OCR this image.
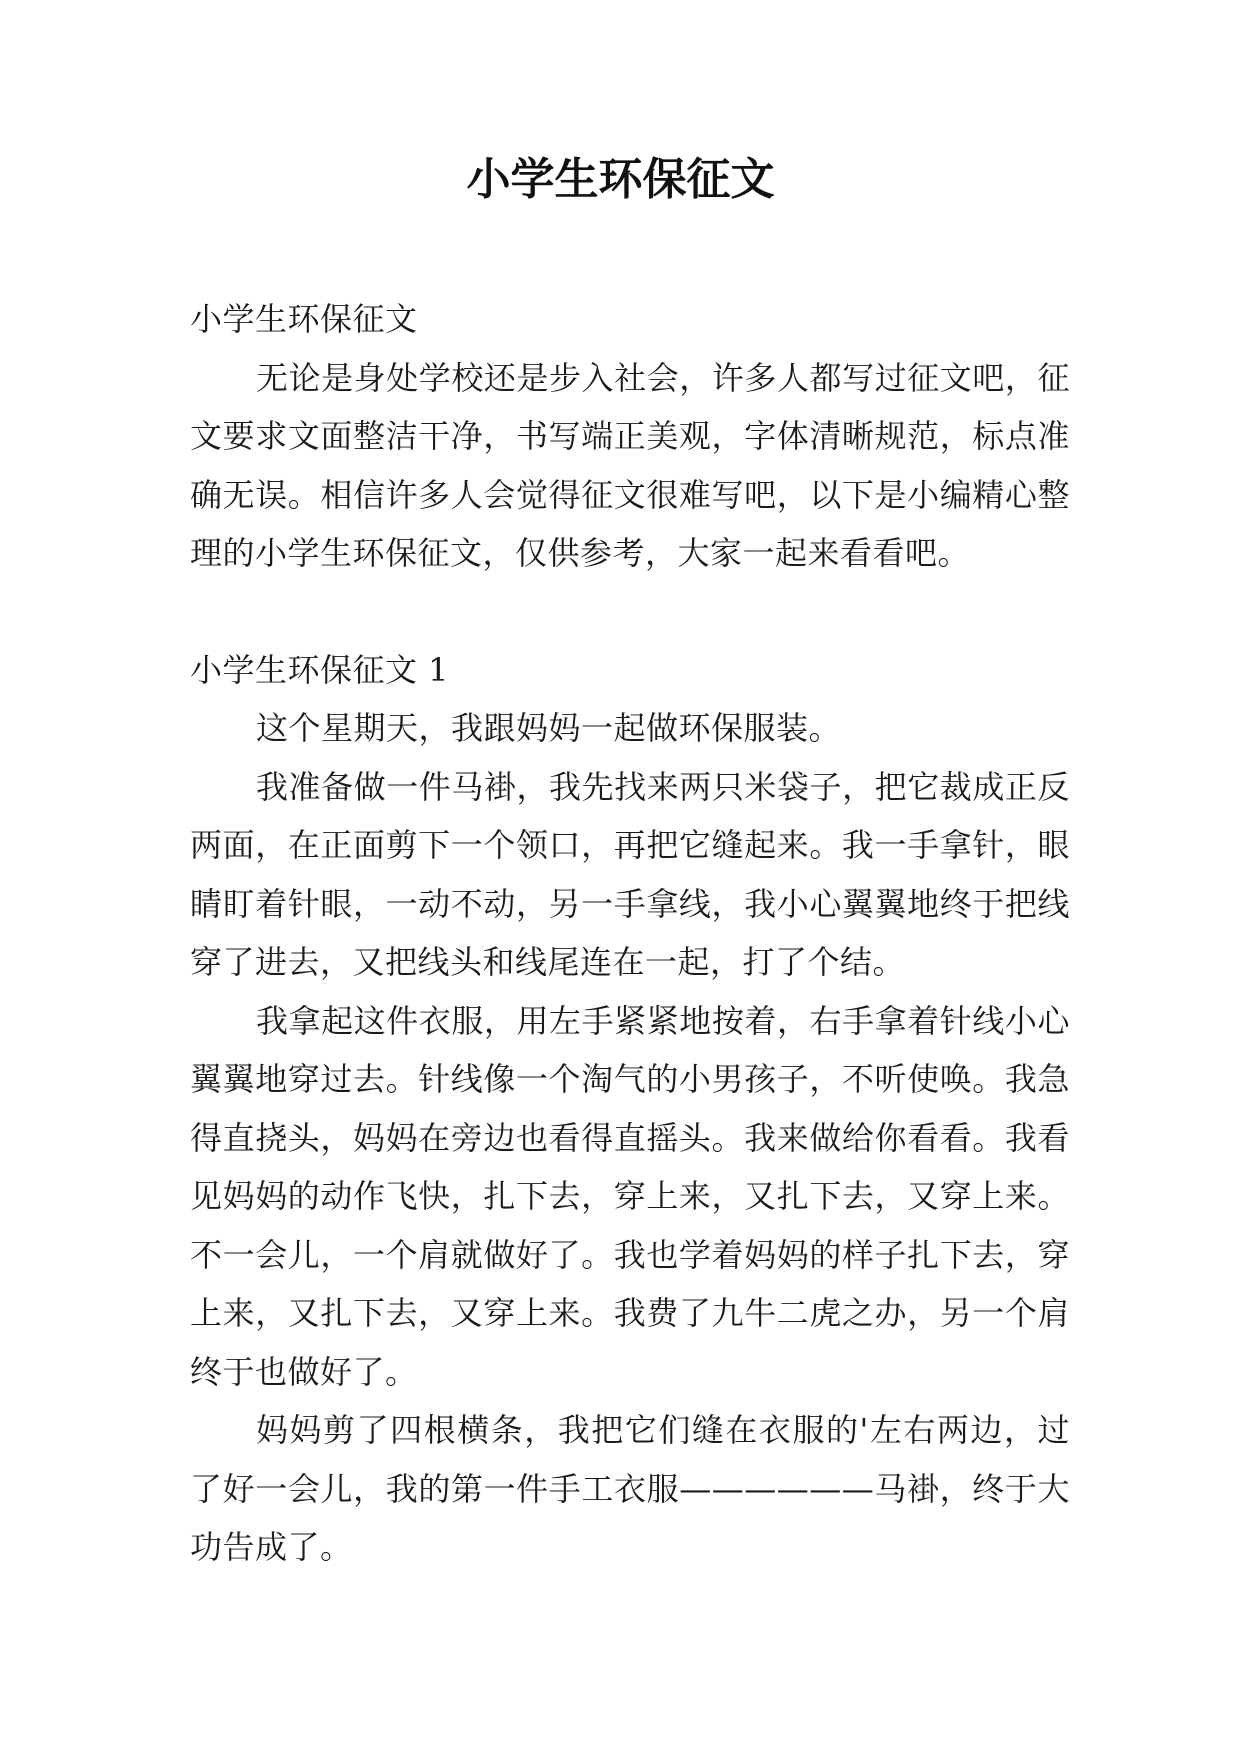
小学生环保征文

小学生环保征文

无论是身处学校还是步入社会，许多人都写过征文吧，征文要求文面整洁干净，书写端正美观，字体清晰规范，标点准确无误。相信许多人会觉得征文很难写吧，以下是小编精心整理的小学生环保征文，仅供参考，大家一起来看看吧。

小学生环保征文 1

这个星期天，我跟妈妈一起做环保服装。

我准备做一件马褂，我先找来两只米袋子，把它裁成正反两面，在正面剪下一个领口，再把它缝起来。我一手拿针，眼睛盯着针眼，一动不动，另一手拿线，我小心翼翼地终于把线穿了进去，又把线头和线尾连在一起，打了个结。

我拿起这件衣服，用左手紧紧地按着，右手拿着针线小心翼翼地穿过去。针线像一个淘气的小男孩子，不听使唤。我急得直挠头，妈妈在旁边也看得直摇头。我来做给你看看。我看见妈妈的动作飞快，扎下去，穿上来，又扎下去，又穿上来。不一会儿，一个肩就做好了。我也学着妈妈的样子扎下去，穿上来，又扎下去，又穿上来。我费了九牛二虎之办，另一个肩终于也做好了。

妈妈剪了四根横条，我把它们缝在衣服的'左右两边，过了好一会儿，我的第一件手工衣服——————马褂，终于大功告成了。
